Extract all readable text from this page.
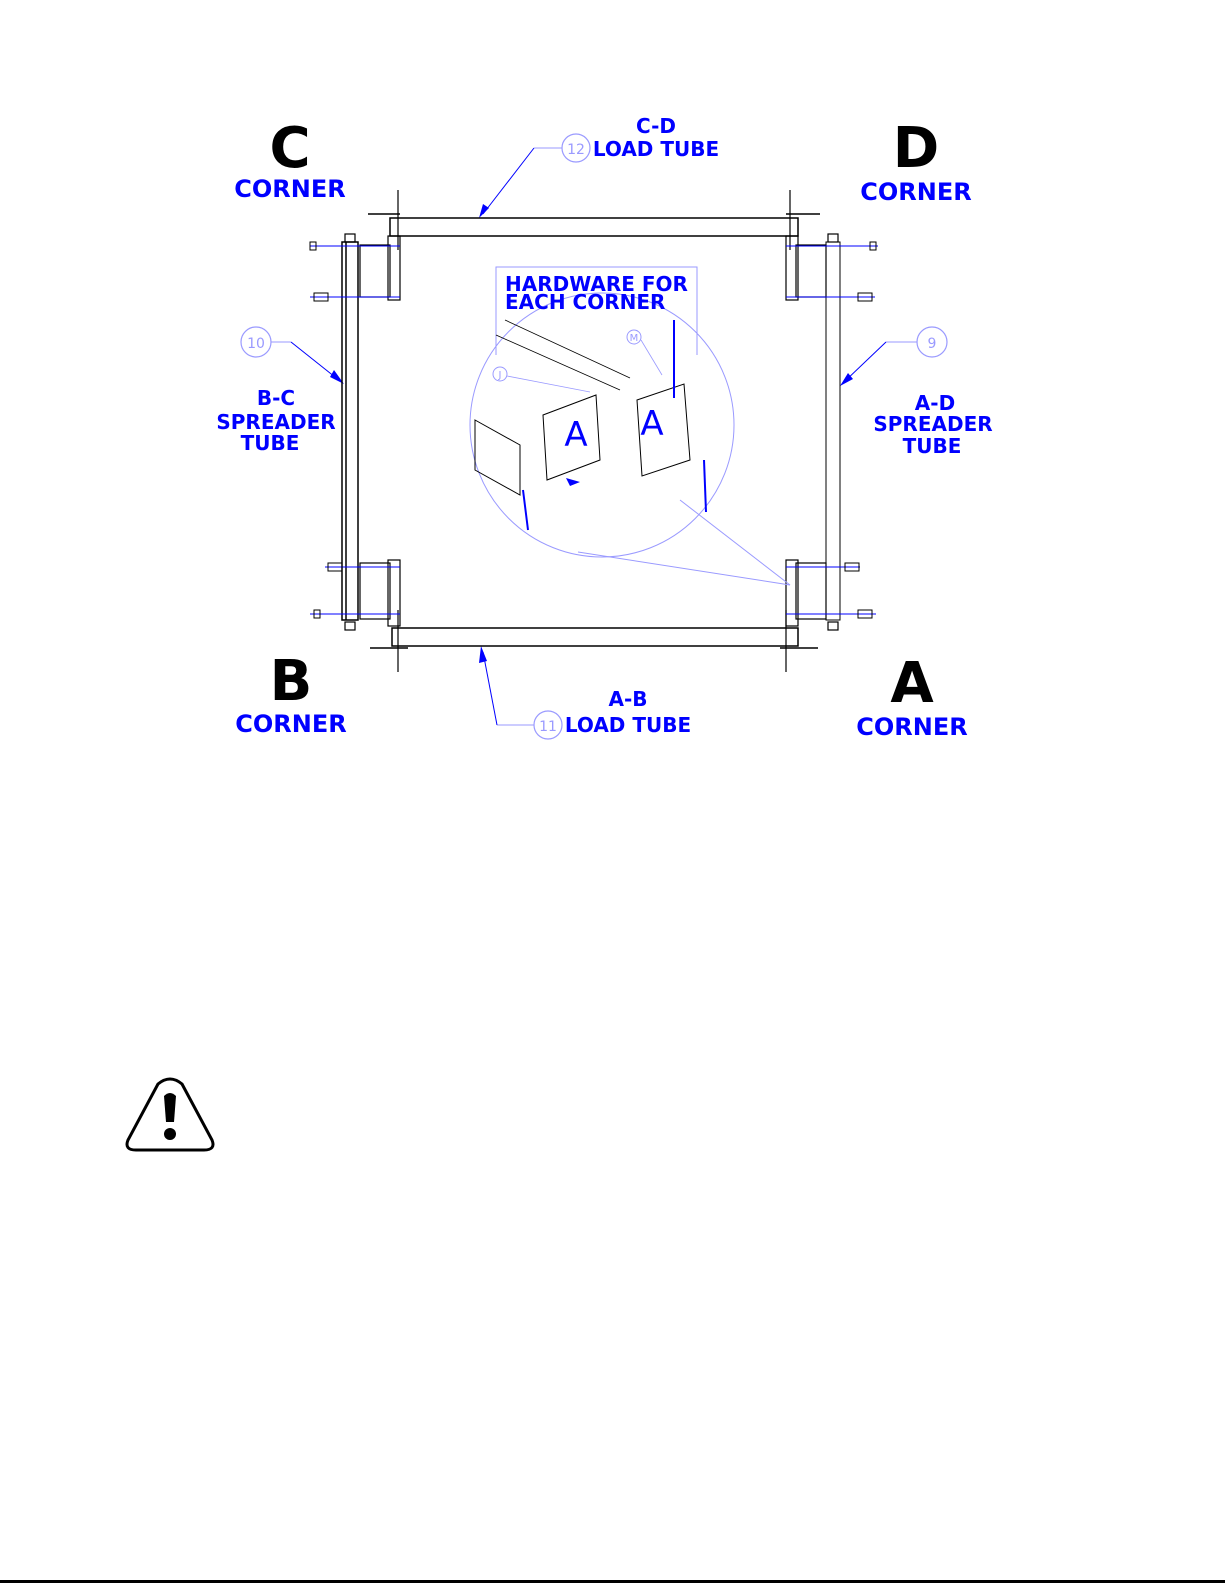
C
CORNER
D
CORNER
B
CORNER
A
CORNER
C-D
LOAD TUBE
A-B
LOAD TUBE
B-C
SPREADER
TUBE
A-D
SPREADER
TUBE
12
11
10	9
HARDWARE FOR
EACH CORNER
A A
J
M
